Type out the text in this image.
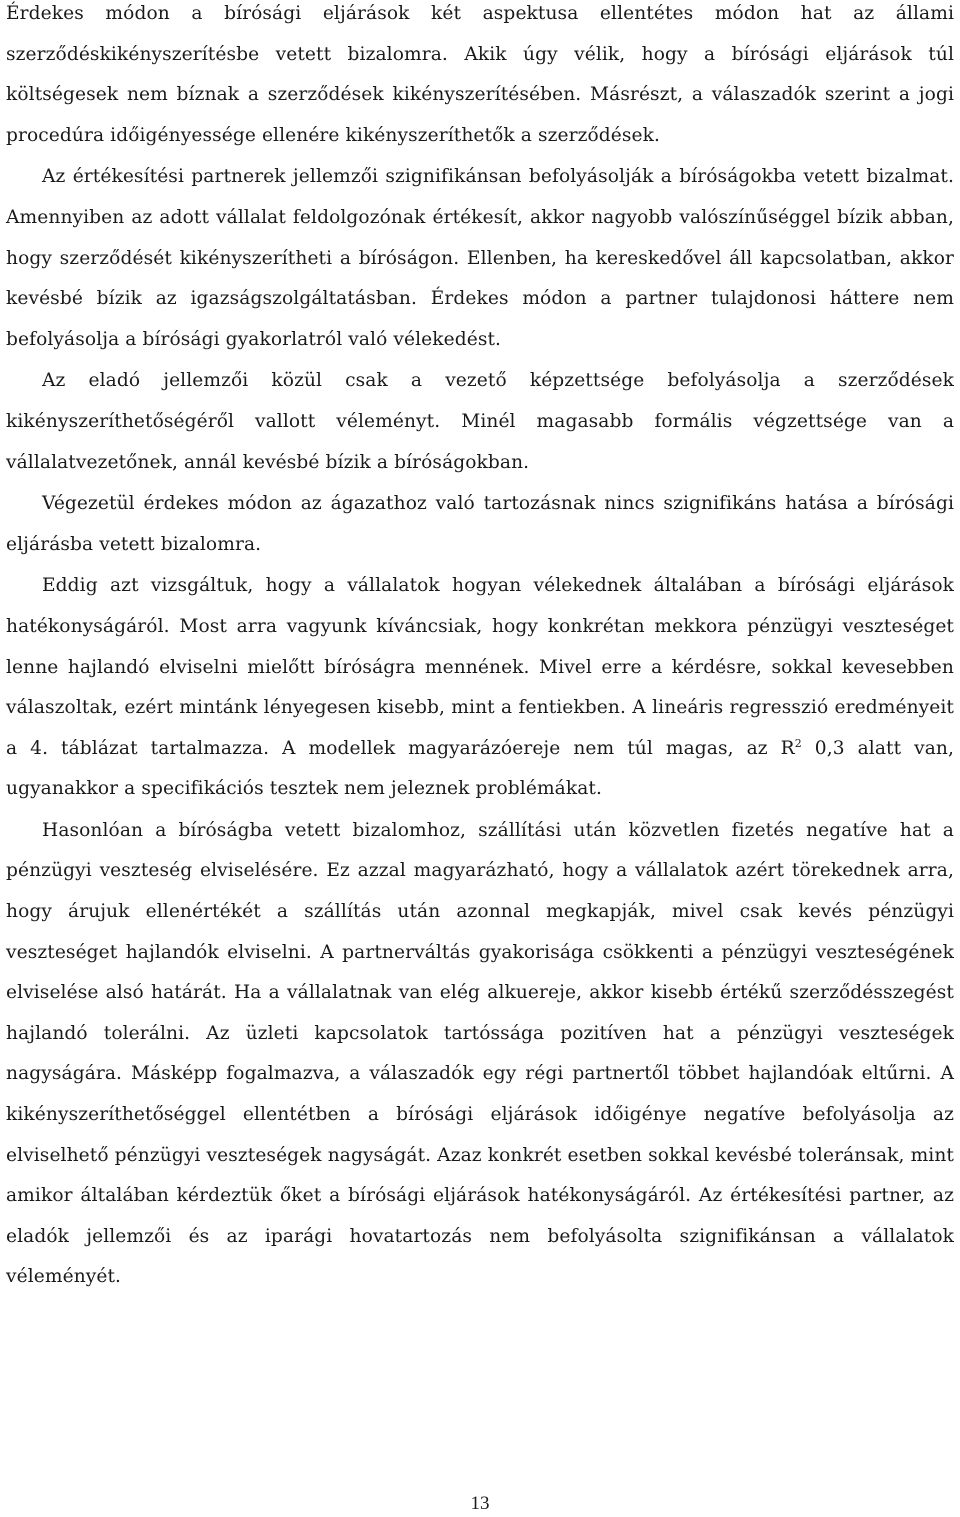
Érdekes módon a bírósági eljárások két aspektusa ellentétes módon hat az állami szerződéskikényszerítésbe vetett bizalomra. Akik úgy vélik, hogy a bírósági eljárások túl költségesek nem bíznak a szerződések kikényszerítésében. Másrészt, a válaszadók szerint a jogi procedúra időigényessége ellenére kikényszeríthetők a szerződések.

Az értékesítési partnerek jellemzői szignifikánsan befolyásolják a bíróságokba vetett bizalmat. Amennyiben az adott vállalat feldolgozónak értékesít, akkor nagyobb valószínűséggel bízik abban, hogy szerződését kikényszerítheti a bíróságon. Ellenben, ha kereskedővel áll kapcsolatban, akkor kevésbé bízik az igazságszolgáltatásban. Érdekes módon a partner tulajdonosi háttere nem befolyásolja a bírósági gyakorlatról való vélekedést.

Az eladó jellemzői közül csak a vezető képzettsége befolyásolja a szerződések kikényszeríthetőségéről vallott véleményt. Minél magasabb formális végzettsége van a vállalatvezetőnek, annál kevésbé bízik a bíróságokban.

Végezetül érdekes módon az ágazathoz való tartozásnak nincs szignifikáns hatása a bírósági eljárásba vetett bizalomra.

Eddig azt vizsgáltuk, hogy a vállalatok hogyan vélekednek általában a bírósági eljárások hatékonyságáról. Most arra vagyunk kíváncsiak, hogy konkrétan mekkora pénzügyi veszteséget lenne hajlandó elviselni mielőtt bíróságra mennének. Mivel erre a kérdésre, sokkal kevesebben válaszoltak, ezért mintánk lényegesen kisebb, mint a fentiekben. A lineáris regresszió eredményeit a 4. táblázat tartalmazza. A modellek magyarázóereje nem túl magas, az $R^2$ 0,3 alatt van, ugyanakkor a specifikációs tesztek nem jeleznek problémákat.

Hasonlóan a bíróságba vetett bizalomhoz, szállítási után közvetlen fizetés negatíve hat a pénzügyi veszteség elviselésére. Ez azzal magyarázható, hogy a vállalatok azért törekednek arra, hogy árujuk ellenértékét a szállítás után azonnal megkapják, mivel csak kevés pénzügyi veszteséget hajlandók elviselni. A partnerváltás gyakorisága csökkenti a pénzügyi veszteségének elviselése alsó határát. Ha a vállalatnak van elég alkuereje, akkor kisebb értékű szerződésszegést hajlandó tolerálni. Az üzleti kapcsolatok tartóssága pozitíven hat a pénzügyi veszteségek nagyságára. Másképp fogalmazva, a válaszadók egy régi partnertől többet hajlandóak eltűrni. A kikényszeríthetőséggel ellentétben a bírósági eljárások időigénye negatíve befolyásolja az elviselhető pénzügyi veszteségek nagyságát. Azaz konkrét esetben sokkal kevésbé toleránsak, mint amikor általában kérdeztük őket a bírósági eljárások hatékonyságáról. Az értékesítési partner, az eladók jellemzői és az iparági hovatartozás nem befolyásolta szignifikánsan a vállalatok véleményét.

13
